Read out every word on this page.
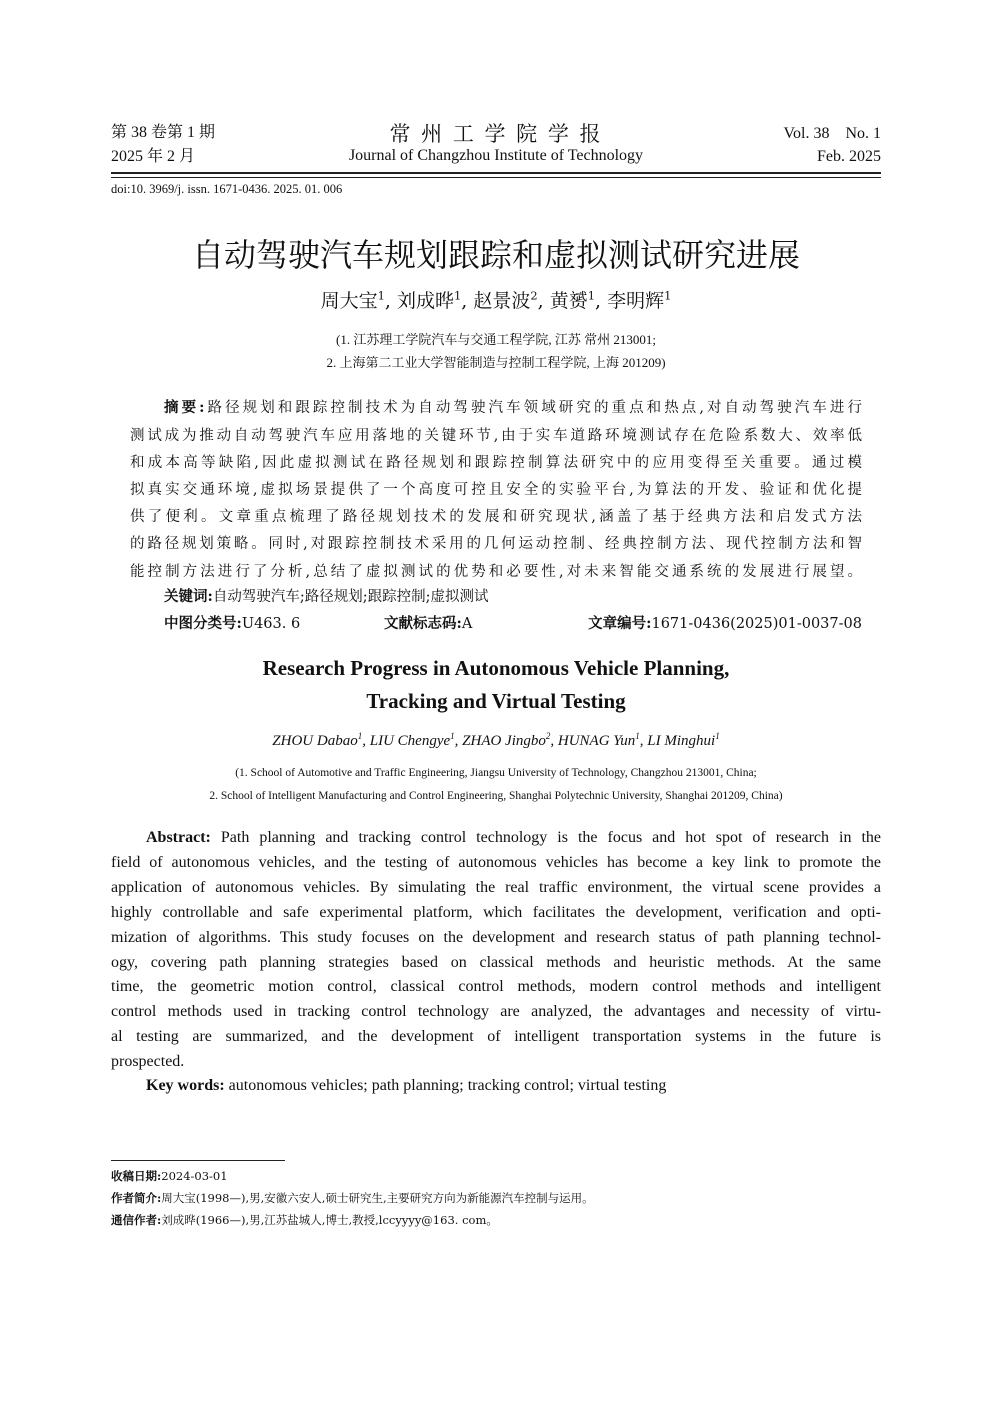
第 38 卷第 1 期
2025 年 2 月
常 州 工 学 院 学 报
Journal of Changzhou Institute of Technology
Vol. 38　No. 1
Feb. 2025
doi:10. 3969/j. issn. 1671-0436. 2025. 01. 006
自动驾驶汽车规划跟踪和虚拟测试研究进展
周大宝$^1$, 刘成晔$^1$, 赵景波$^2$, 黄赟$^1$, 李明辉$^1$
(1. 江苏理工学院汽车与交通工程学院, 江苏 常州 213001;
2. 上海第二工业大学智能制造与控制工程学院, 上海 201209)
摘要:路径规划和跟踪控制技术为自动驾驶汽车领域研究的重点和热点,对自动驾驶汽车进行
测试成为推动自动驾驶汽车应用落地的关键环节,由于实车道路环境测试存在危险系数大、效率低
和成本高等缺陷,因此虚拟测试在路径规划和跟踪控制算法研究中的应用变得至关重要。通过模
拟真实交通环境,虚拟场景提供了一个高度可控且安全的实验平台,为算法的开发、验证和优化提
供了便利。文章重点梳理了路径规划技术的发展和研究现状,涵盖了基于经典方法和启发式方法
的路径规划策略。同时,对跟踪控制技术采用的几何运动控制、经典控制方法、现代控制方法和智
能控制方法进行了分析,总结了虚拟测试的优势和必要性,对未来智能交通系统的发展进行展望。
关键词:自动驾驶汽车;路径规划;跟踪控制;虚拟测试
中图分类号:U463. 6	文献标志码:A	文章编号:1671-0436(2025)01-0037-08
Research Progress in Autonomous Vehicle Planning,
Tracking and Virtual Testing
ZHOU Dabao$^1$, LIU Chengye$^1$, ZHAO Jingbo$^2$, HUNAG Yun$^1$, LI Minghui$^1$
(1. School of Automotive and Traffic Engineering, Jiangsu University of Technology, Changzhou 213001, China;
2. School of Intelligent Manufacturing and Control Engineering, Shanghai Polytechnic University, Shanghai 201209, China)
Abstract: Path planning and tracking control technology is the focus and hot spot of research in the
field of autonomous vehicles, and the testing of autonomous vehicles has become a key link to promote the
application of autonomous vehicles. By simulating the real traffic environment, the virtual scene provides a
highly controllable and safe experimental platform, which facilitates the development, verification and opti-
mization of algorithms. This study focuses on the development and research status of path planning technol-
ogy, covering path planning strategies based on classical methods and heuristic methods. At the same
time, the geometric motion control, classical control methods, modern control methods and intelligent
control methods used in tracking control technology are analyzed, the advantages and necessity of virtu-
al testing are summarized, and the development of intelligent transportation systems in the future is
prospected.
Key words: autonomous vehicles; path planning; tracking control; virtual testing
收稿日期:2024-03-01
作者简介:周大宝(1998—),男,安徽六安人,硕士研究生,主要研究方向为新能源汽车控制与运用。
通信作者:刘成晔(1966—),男,江苏盐城人,博士,教授,lccyyyy@163. com。
